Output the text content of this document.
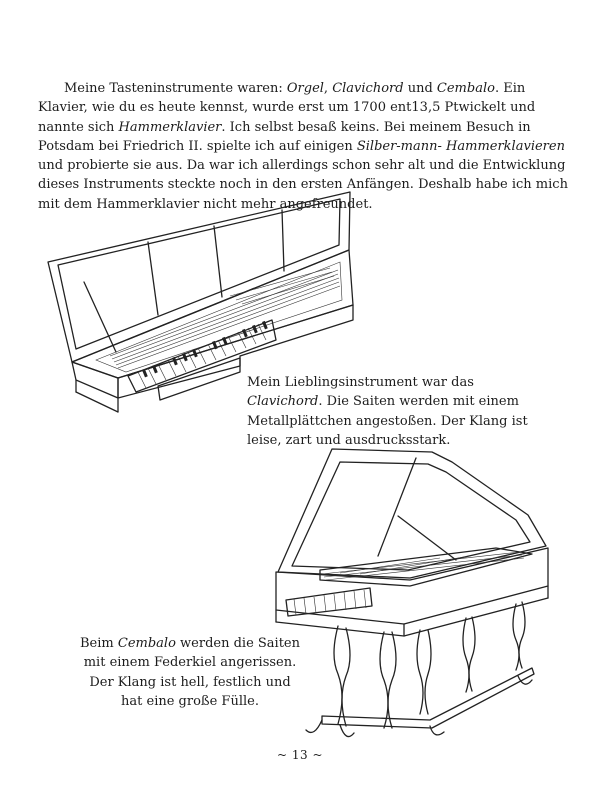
Meine Tasteninstrumente waren: Orgel, Clavichord und Cembalo. Ein Klavier, wie du es heute kennst, wurde erst um 1700 ent13,5 Ptwickelt und nannte sich Hammerklavier. Ich selbst besaß keins. Bei meinem Besuch in Potsdam bei Friedrich II. spielte ich auf einigen Silber-mann- Hammerklavieren und probierte sie aus. Da war ich allerdings schon sehr alt und die Entwicklung dieses Instruments steckte noch in den ersten Anfängen. Deshalb habe ich mich mit dem Hammerklavier nicht mehr angefreundet.

Mein Lieblingsinstrument war das Clavichord. Die Saiten werden mit einem Metallplättchen angestoßen. Der Klang ist leise, zart und ausdrucksstark.

Beim Cembalo werden die Saiten mit einem Federkiel angerissen. Der Klang ist hell, festlich und hat eine große Fülle.

~ 13 ~
